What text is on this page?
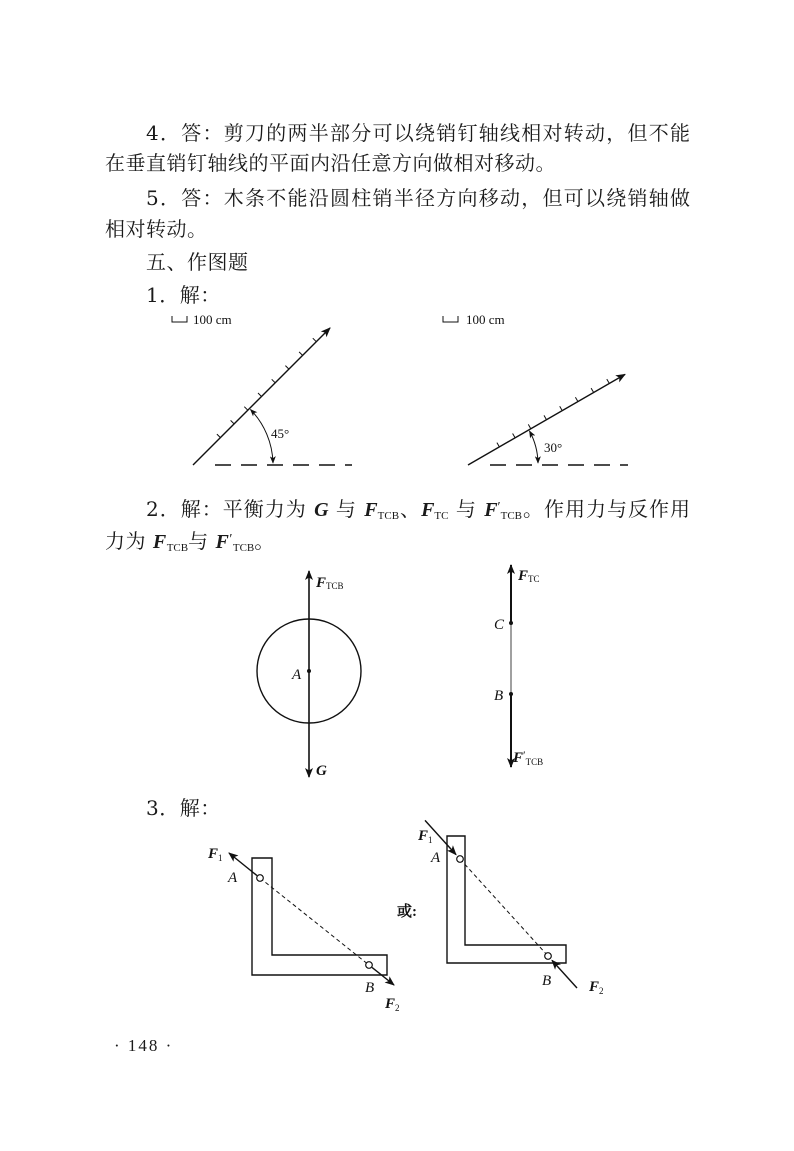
4．答：剪刀的两半部分可以绕销钉轴线相对转动，但不能
在垂直销钉轴线的平面内沿任意方向做相对移动。
5．答：木条不能沿圆柱销半径方向移动，但可以绕销轴做
相对转动。
五、作图题
1．解：
2．解：平衡力为 G 与 $F_{TCB}$、$F_{TC}$ 与 $F'_{TCB}$。作用力与反作用
力为 $F_{TCB}$与 $F'_{TCB}$。
3．解：
· 148 ·
100 cm
45°
100 cm
30°
A
FTCB
G
C
B
FTC
$F'_{TCB}$
F1
A
B
F2
或:
F1
A
B	F2
